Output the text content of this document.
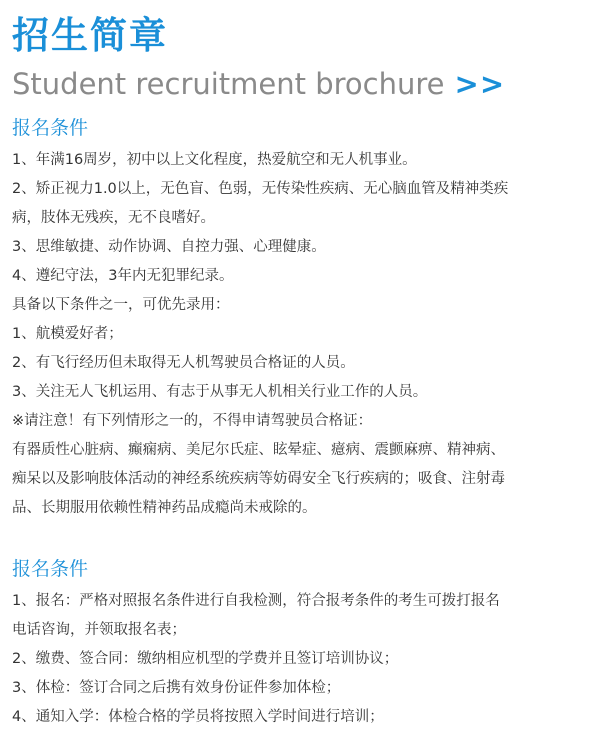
招生简章
Student recruitment brochure >>
报名条件
1、年满16周岁，初中以上文化程度，热爱航空和无人机事业。
2、矫正视力1.0以上，无色盲、色弱，无传染性疾病、无心脑血管及精神类疾
病，肢体无残疾，无不良嗜好。
3、思维敏捷、动作协调、自控力强、心理健康。
4、遵纪守法，3年内无犯罪纪录。
具备以下条件之一，可优先录用：
1、航模爱好者；
2、有飞行经历但未取得无人机驾驶员合格证的人员。
3、关注无人飞机运用、有志于从事无人机相关行业工作的人员。
※请注意！有下列情形之一的，不得申请驾驶员合格证：
有器质性心脏病、癫痫病、美尼尔氏症、眩晕症、癔病、震颤麻痹、精神病、
痴呆以及影响肢体活动的神经系统疾病等妨碍安全飞行疾病的；吸食、注射毒
品、长期服用依赖性精神药品成瘾尚未戒除的。
报名条件
1、报名：严格对照报名条件进行自我检测，符合报考条件的考生可拨打报名
电话咨询，并领取报名表；
2、缴费、签合同：缴纳相应机型的学费并且签订培训协议；
3、体检：签订合同之后携有效身份证件参加体检；
4、通知入学：体检合格的学员将按照入学时间进行培训；
